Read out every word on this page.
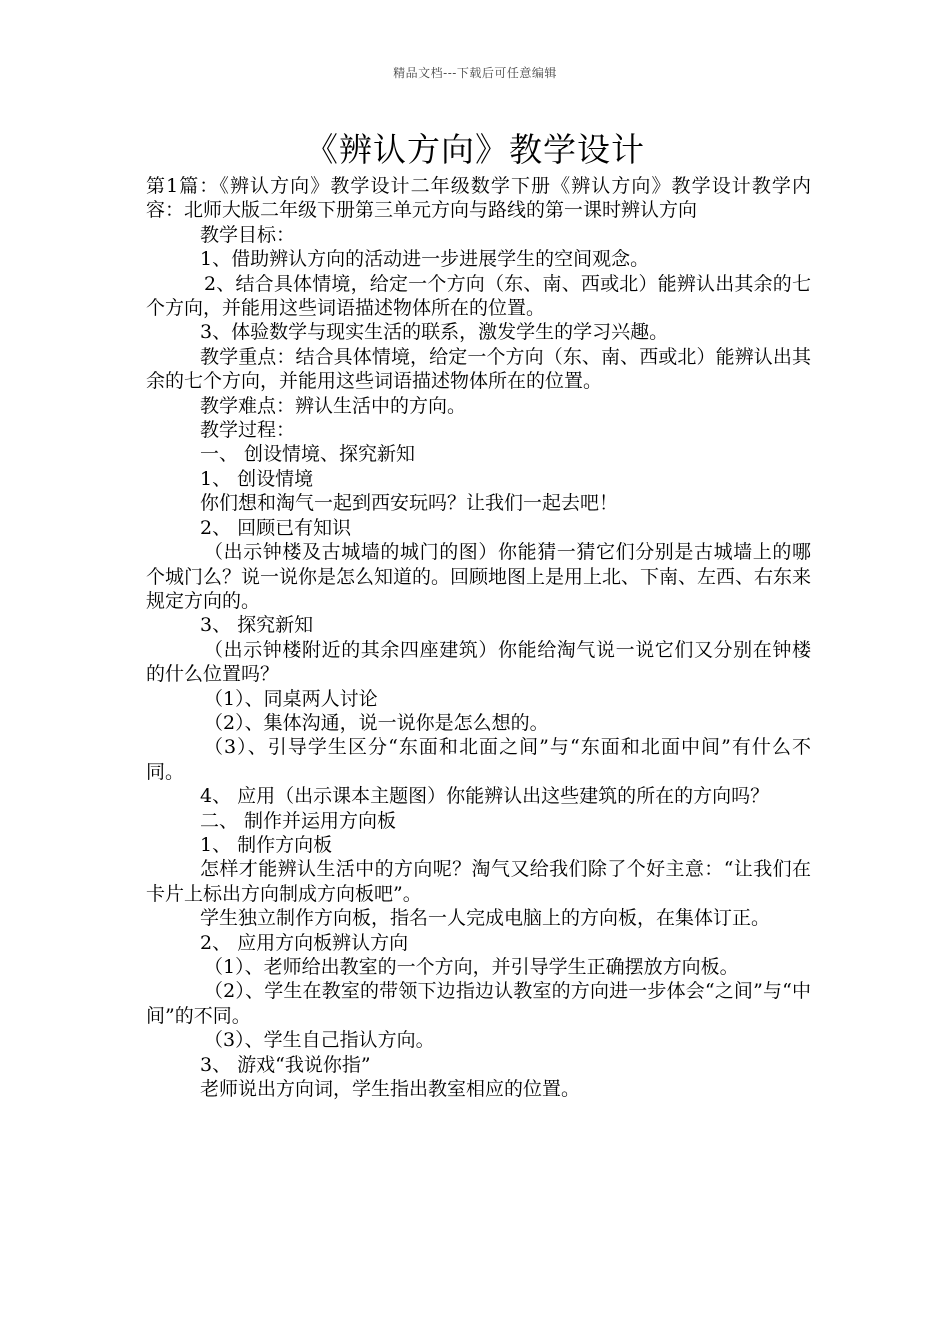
精品文档---下载后可任意编辑
《辨认方向》教学设计

第1篇：《辨认方向》教学设计二年级数学下册《辨认方向》教学设计教学内容：北师大版二年级下册第三单元方向与路线的第一课时辨认方向

教学目标：

1、借助辨认方向的活动进一步进展学生的空间观念。

2、结合具体情境，给定一个方向（东、南、西或北）能辨认出其余的七个方向，并能用这些词语描述物体所在的位置。

3、体验数学与现实生活的联系，激发学生的学习兴趣。

教学重点：结合具体情境，给定一个方向（东、南、西或北）能辨认出其余的七个方向，并能用这些词语描述物体所在的位置。

教学难点：辨认生活中的方向。

教学过程：

一、 创设情境、探究新知

1、 创设情境

你们想和淘气一起到西安玩吗？让我们一起去吧！

2、 回顾已有知识

（出示钟楼及古城墙的城门的图）你能猜一猜它们分别是古城墙上的哪个城门么？说一说你是怎么知道的。回顾地图上是用上北、下南、左西、右东来规定方向的。

3、 探究新知

（出示钟楼附近的其余四座建筑）你能给淘气说一说它们又分别在钟楼的什么位置吗？

（1）、同桌两人讨论

（2）、集体沟通，说一说你是怎么想的。

（3）、引导学生区分“东面和北面之间”与“东面和北面中间”有什么不同。

4、 应用（出示课本主题图）你能辨认出这些建筑的所在的方向吗？

二、 制作并运用方向板

1、 制作方向板

怎样才能辨认生活中的方向呢？淘气又给我们除了个好主意：“让我们在卡片上标出方向制成方向板吧”。

学生独立制作方向板，指名一人完成电脑上的方向板，在集体订正。

2、 应用方向板辨认方向

（1）、老师给出教室的一个方向，并引导学生正确摆放方向板。

（2）、学生在教室的带领下边指边认教室的方向进一步体会“之间”与“中间”的不同。

（3）、学生自己指认方向。

3、 游戏“我说你指”

老师说出方向词，学生指出教室相应的位置。
